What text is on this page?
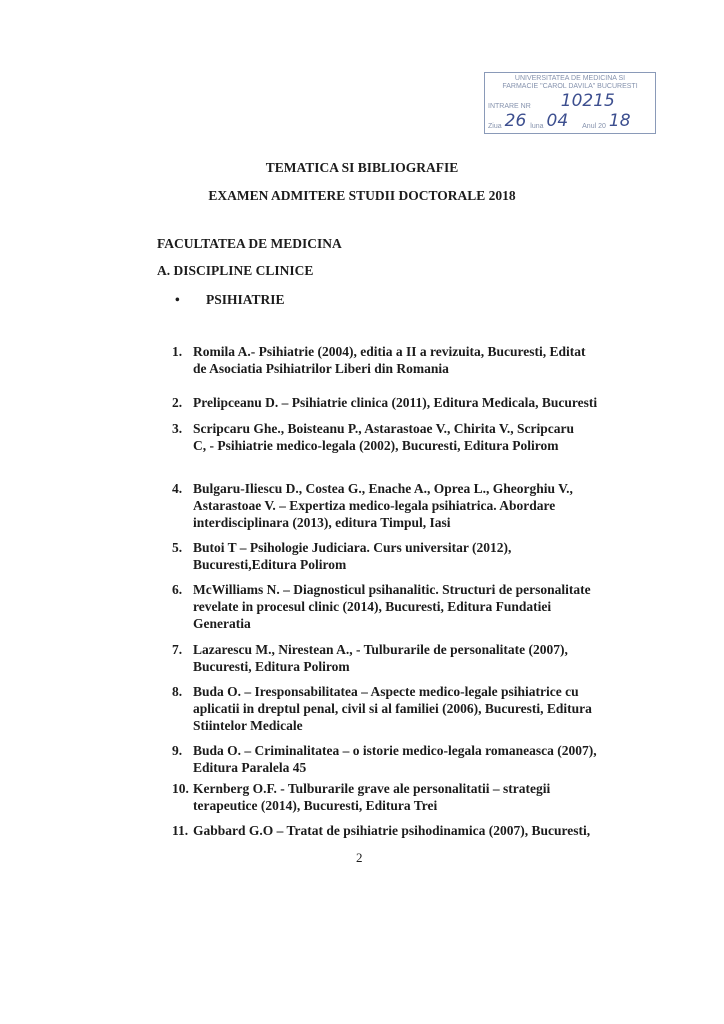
UNIVERSITATEA DE MEDICINA SI
FARMACIE "CAROL DAVILA" BUCURESTI
INTRARE NR 10215
Ziua 26 luna 04 Anul 20 18
TEMATICA SI BIBLIOGRAFIE
EXAMEN ADMITERE STUDII DOCTORALE 2018
FACULTATEA DE MEDICINA
A. DISCIPLINE CLINICE
• PSIHIATRIE
1. Romila A.- Psihiatrie (2004), editia a II a revizuita, Bucuresti, Editat
de Asociatia Psihiatrilor Liberi din Romania
2. Prelipceanu D. – Psihiatrie clinica (2011), Editura Medicala, Bucuresti
3. Scripcaru Ghe., Boisteanu P., Astarastoae V., Chirita V., Scripcaru
C, - Psihiatrie medico-legala (2002), Bucuresti, Editura Polirom
4. Bulgaru-Iliescu D., Costea G., Enache A., Oprea L., Gheorghiu V.,
Astarastoae V. – Expertiza medico-legala psihiatrica. Abordare
interdisciplinara (2013), editura Timpul, Iasi
5. Butoi T – Psihologie Judiciara. Curs universitar (2012),
Bucuresti,Editura Polirom
6. McWilliams N. – Diagnosticul psihanalitic. Structuri de personalitate
revelate in procesul clinic (2014), Bucuresti, Editura Fundatiei
Generatia
7. Lazarescu M., Nirestean A., - Tulburarile de personalitate (2007),
Bucuresti, Editura Polirom
8. Buda O. – Iresponsabilitatea – Aspecte medico-legale psihiatrice cu
aplicatii in dreptul penal, civil si al familiei (2006), Bucuresti, Editura
Stiintelor Medicale
9. Buda O. – Criminalitatea – o istorie medico-legala romaneasca (2007),
Editura Paralela 45
10. Kernberg O.F. - Tulburarile grave ale personalitatii – strategii
terapeutice (2014), Bucuresti, Editura Trei
11. Gabbard G.O – Tratat de psihiatrie psihodinamica (2007), Bucuresti,
2
